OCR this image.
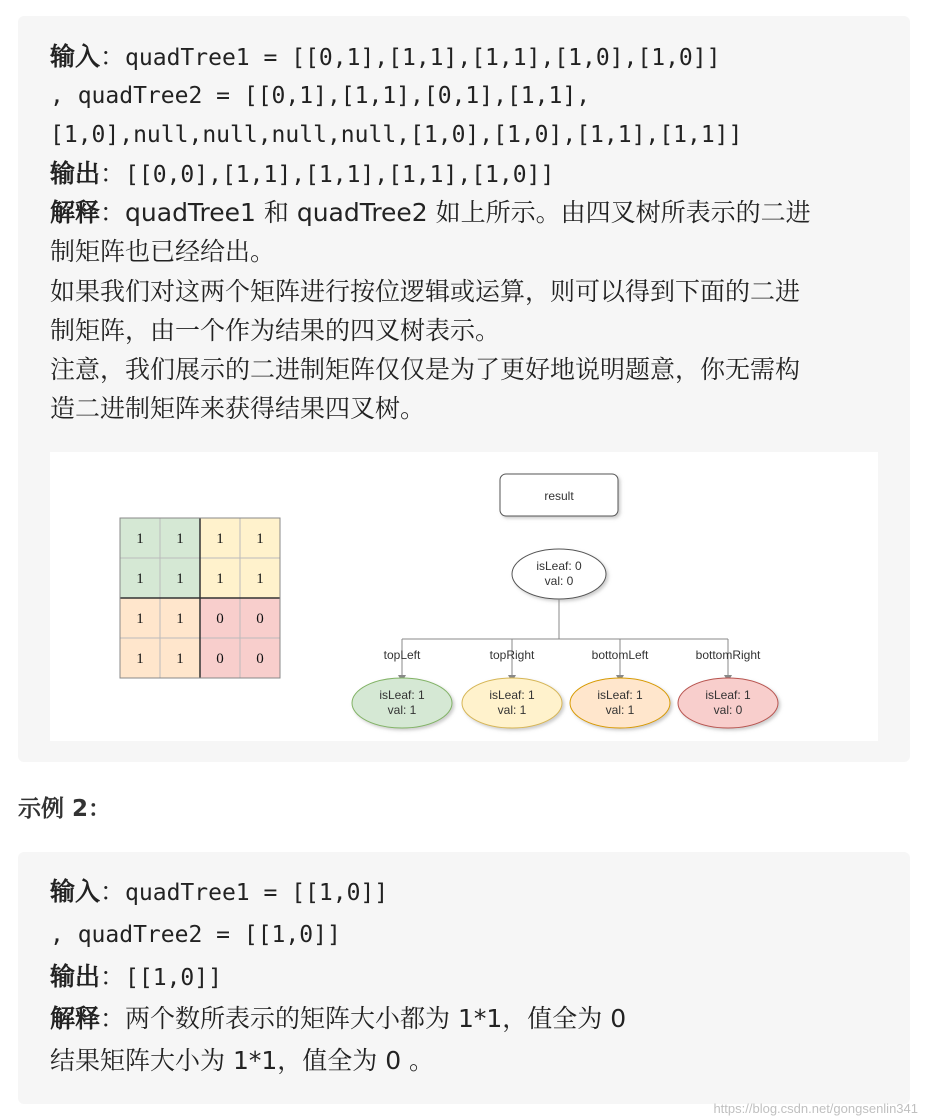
输入：quadTree1 = [[0,1],[1,1],[1,1],[1,0],[1,0]]
, quadTree2 = [[0,1],[1,1],[0,1],[1,1],
[1,0],null,null,null,null,[1,0],[1,0],[1,1],[1,1]]
输出：[[0,0],[1,1],[1,1],[1,1],[1,0]]
解释：quadTree1 和 quadTree2 如上所示。由四叉树所表示的二进
制矩阵也已经给出。
如果我们对这两个矩阵进行按位逻辑或运算，则可以得到下面的二进
制矩阵，由一个作为结果的四叉树表示。
注意，我们展示的二进制矩阵仅仅是为了更好地说明题意，你无需构
造二进制矩阵来获得结果四叉树。
1 1 1 1
1 1 1 1
1 1 0 0
1 1 0 0
result
isLeaf: 0
val: 0
topLeft
isLeaf: 1
val: 1
topRight
isLeaf: 1
val: 1
bottomLeft
isLeaf: 1
val: 1
bottomRight
isLeaf: 1
val: 0
示例 2：
输入：quadTree1 = [[1,0]]
, quadTree2 = [[1,0]]
输出：[[1,0]]
解释：两个数所表示的矩阵大小都为 1*1，值全为 0
结果矩阵大小为 1*1，值全为 0 。
https://blog.csdn.net/gongsenlin341
